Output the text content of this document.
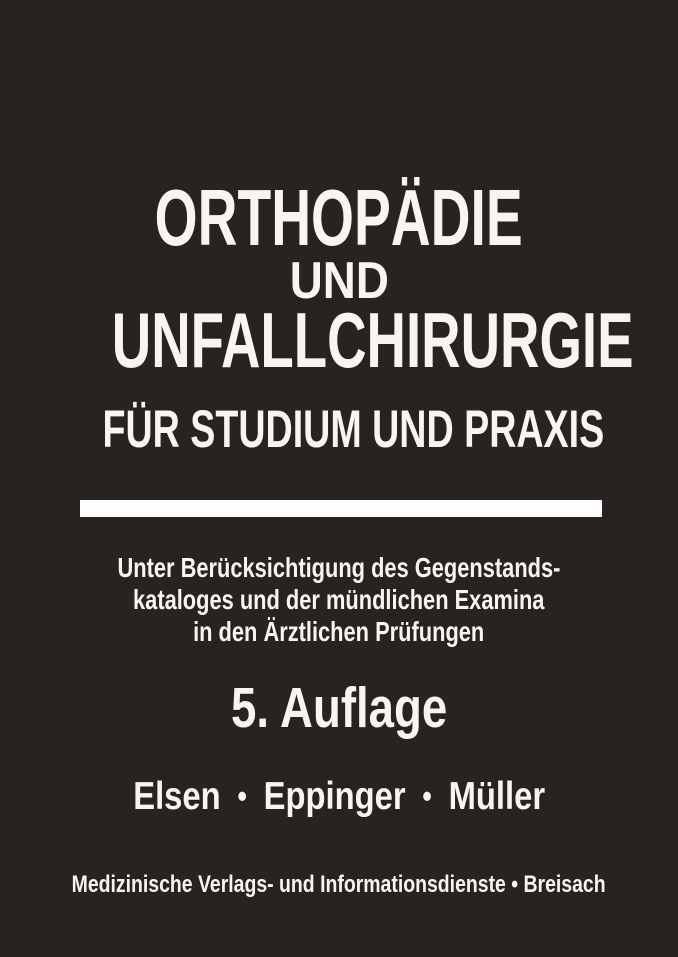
ORTHOPÄDIE
UND
UNFALLCHIRURGIE
FÜR STUDIUM UND PRAXIS
Unter Berücksichtigung des Gegenstands-
kataloges und der mündlichen Examina
in den Ärztlichen Prüfungen
5. Auflage
Elsen • Eppinger • Müller
Medizinische Verlags- und Informationsdienste • Breisach
